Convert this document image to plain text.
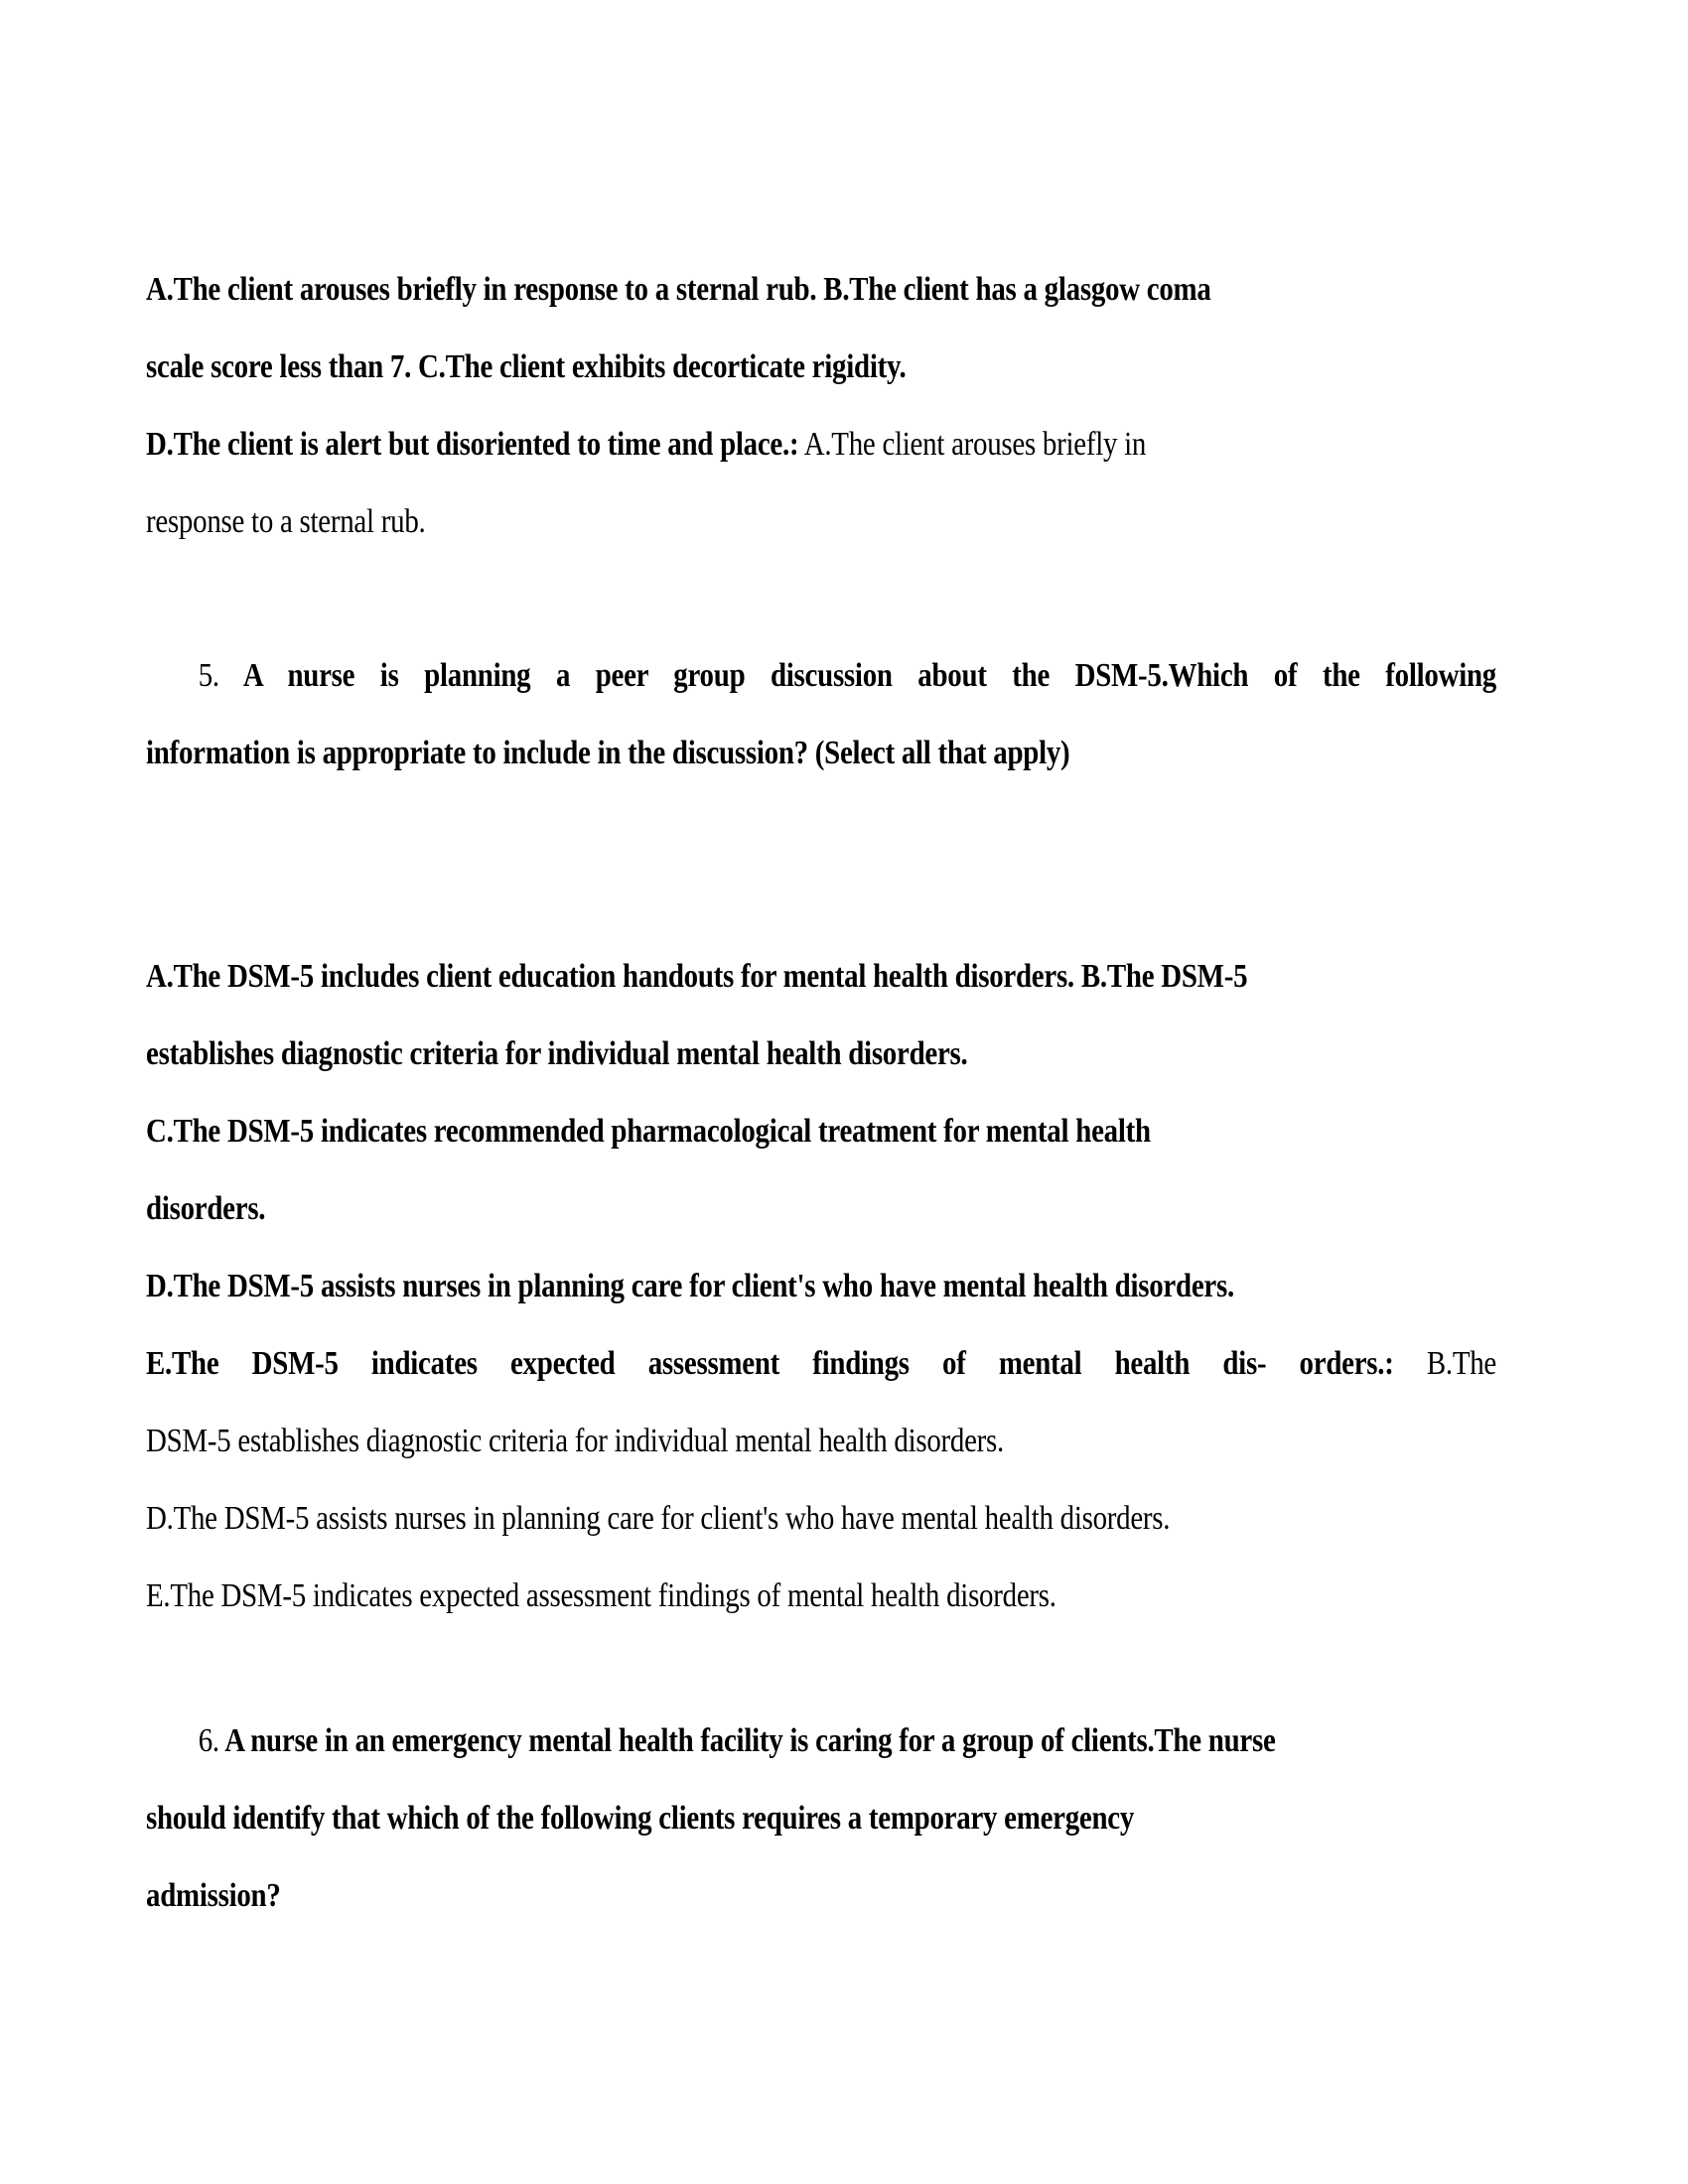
A.The client arouses briefly in response to a sternal rub. B.The client has a glasgow coma
scale score less than 7. C.The client exhibits decorticate rigidity.
D.The client is alert but disoriented to time and place.: A.The client arouses briefly in
response to a sternal rub.
5. A nurse is planning a peer group discussion about the DSM-5.Which of the following
information is appropriate to include in the discussion? (Select all that apply)
A.The DSM-5 includes client education handouts for mental health disorders. B.The DSM-5
establishes diagnostic criteria for individual mental health disorders.
C.The DSM-5 indicates recommended pharmacological treatment for mental health
disorders.
D.The DSM-5 assists nurses in planning care for client's who have mental health disorders.
E.The DSM-5 indicates expected assessment findings of mental health dis- orders.: B.The
DSM-5 establishes diagnostic criteria for individual mental health disorders.
D.The DSM-5 assists nurses in planning care for client's who have mental health disorders.
E.The DSM-5 indicates expected assessment findings of mental health disorders.
6. A nurse in an emergency mental health facility is caring for a group of clients.The nurse
should identify that which of the following clients requires a temporary emergency
admission?
